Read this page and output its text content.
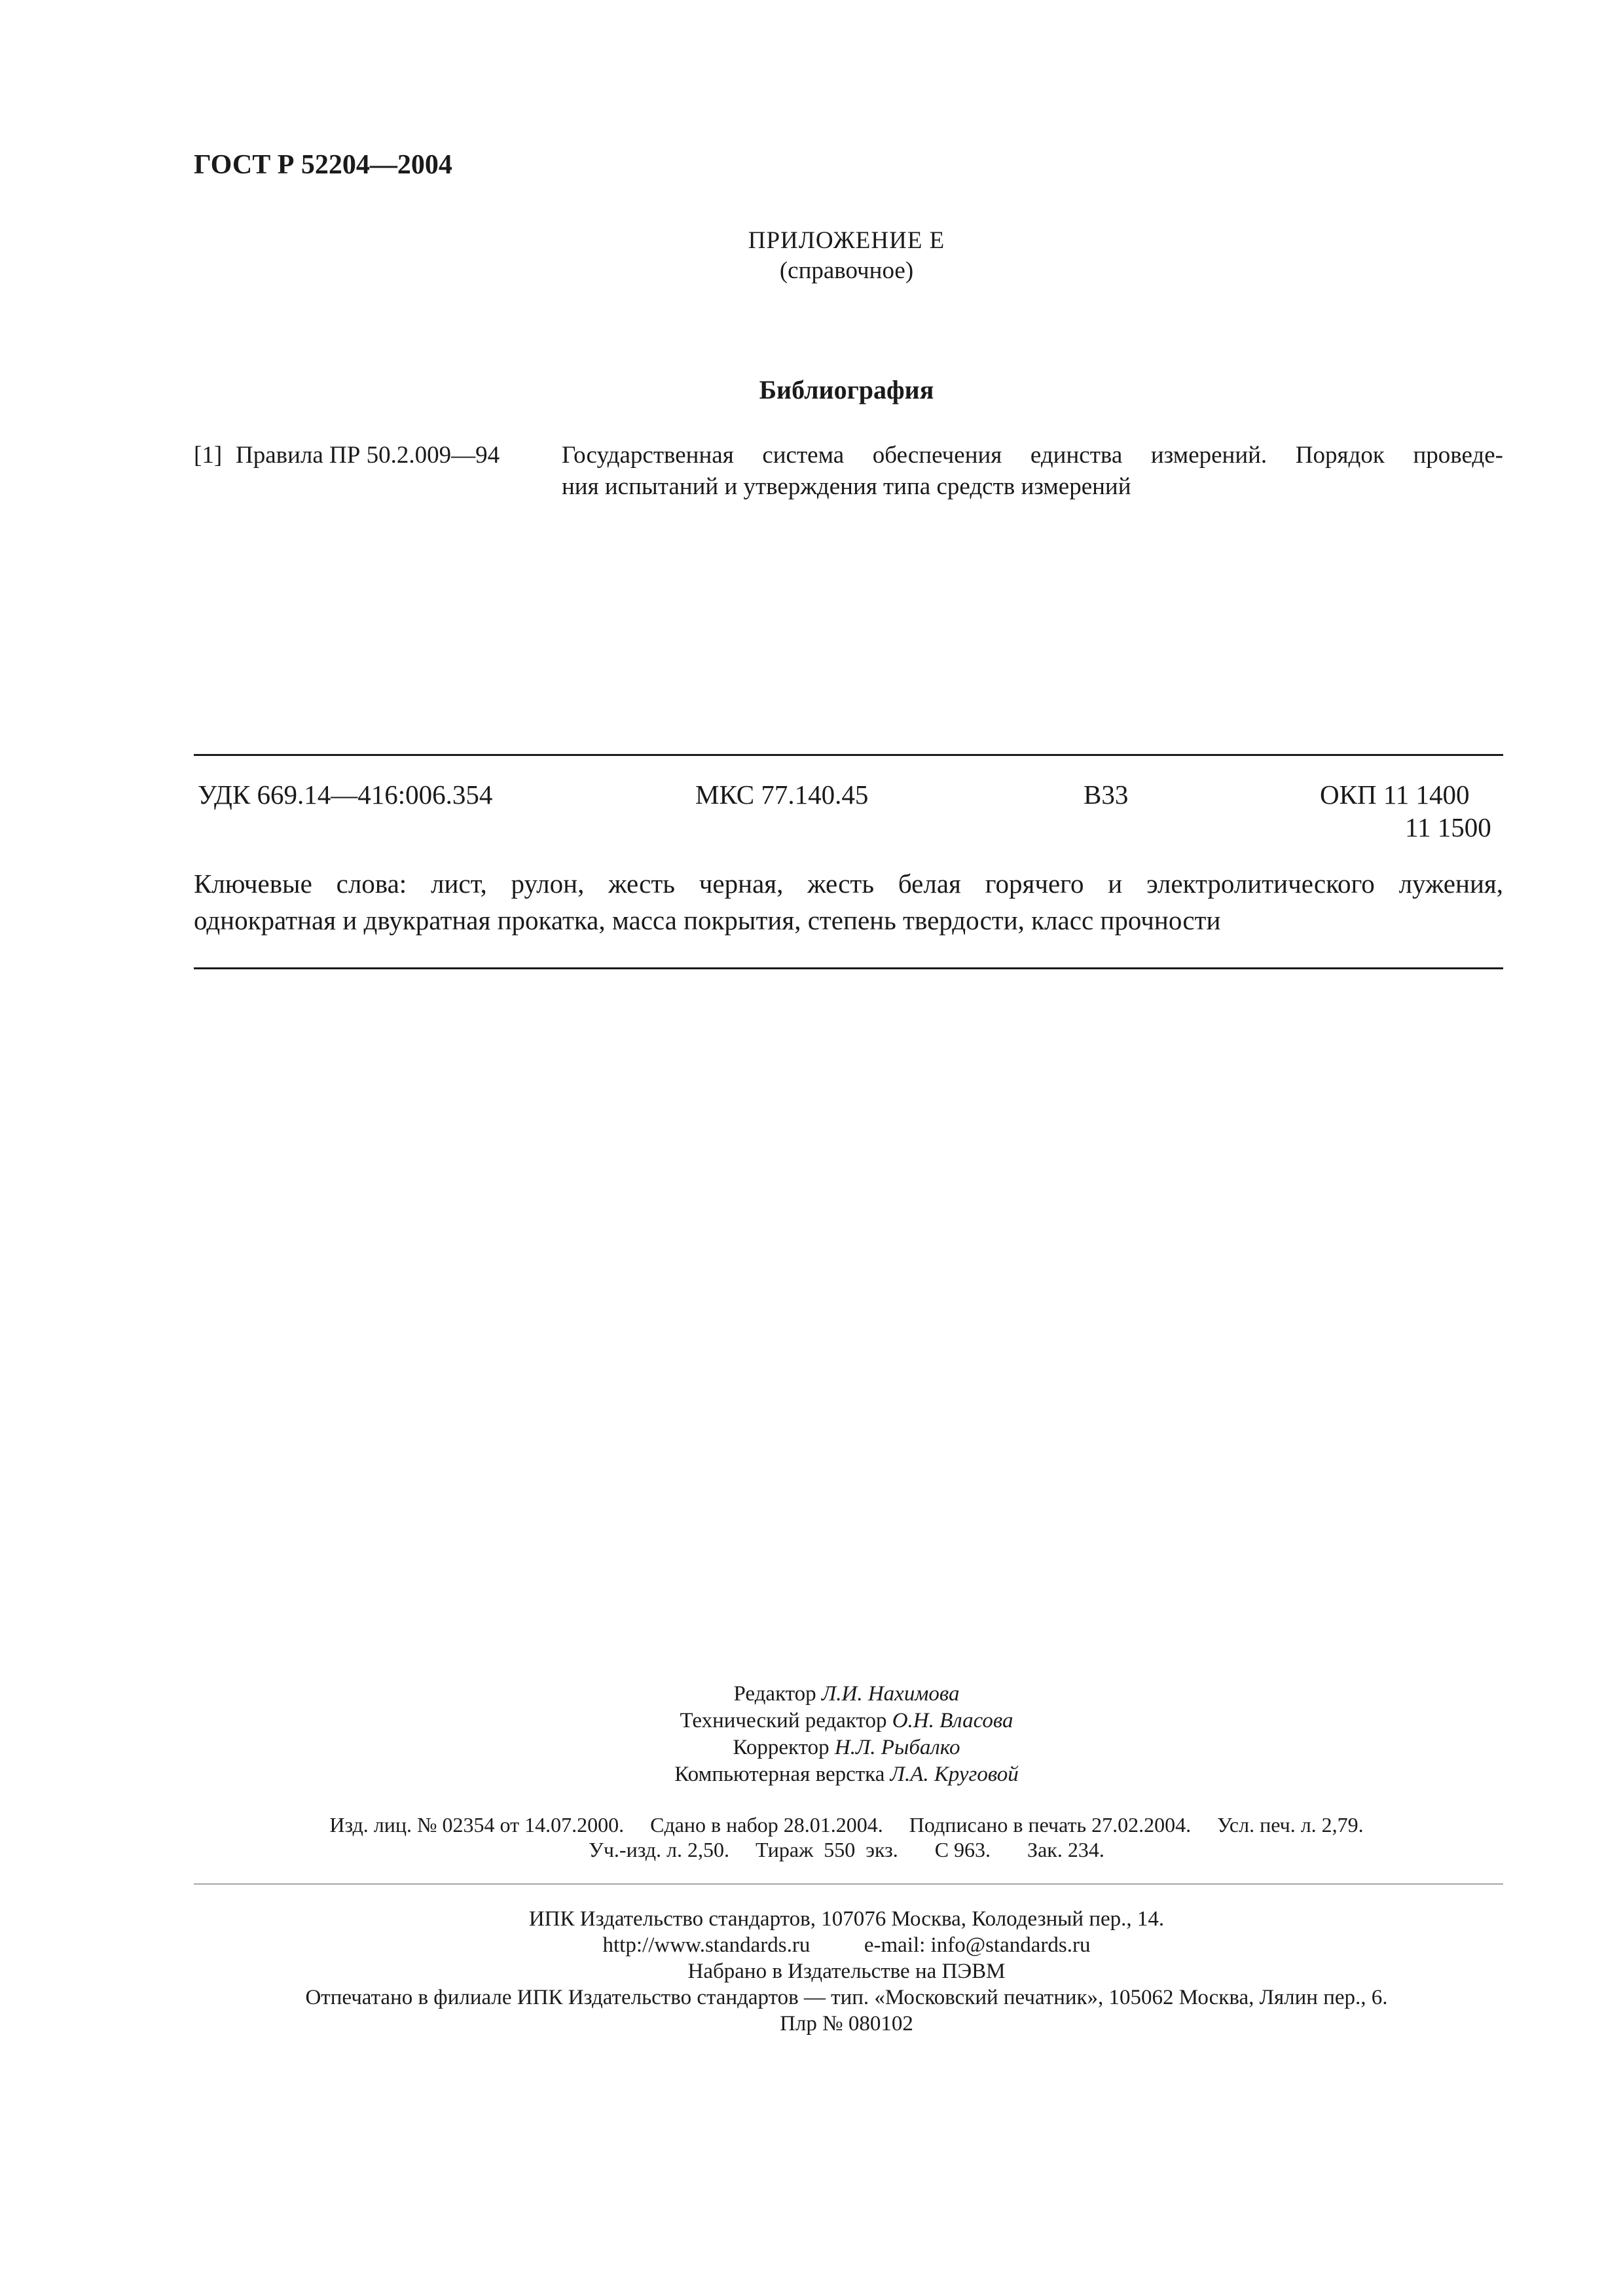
ГОСТ Р 52204—2004
ПРИЛОЖЕНИЕ Е
(справочное)
Библиография
[1] Правила ПР 50.2.009—94	Государственная система обеспечения единства измерений. Порядок проведе-
ния испытаний и утверждения типа средств измерений
УДК 669.14—416:006.354	МКС 77.140.45	В33	ОКП 11 1400
11 1500
Ключевые слова: лист, рулон, жесть черная, жесть белая горячего и электролитического лужения,
однократная и двукратная прокатка, масса покрытия, степень твердости, класс прочности
Редактор Л.И. Нахимова
Технический редактор О.Н. Власова
Корректор Н.Л. Рыбалко
Компьютерная верстка Л.А. Круговой
Изд. лиц. № 02354 от 14.07.2000.     Сдано в набор 28.01.2004.     Подписано в печать 27.02.2004.     Усл. печ. л. 2,79.
Уч.-изд. л. 2,50.     Тираж  550  экз.       С 963.       Зак. 234.
ИПК Издательство стандартов, 107076 Москва, Колодезный пер., 14.
http://www.standards.ru          e-mail: info@standards.ru
Набрано в Издательстве на ПЭВМ
Отпечатано в филиале ИПК Издательство стандартов — тип. «Московский печатник», 105062 Москва, Лялин пер., 6.
Плр № 080102
